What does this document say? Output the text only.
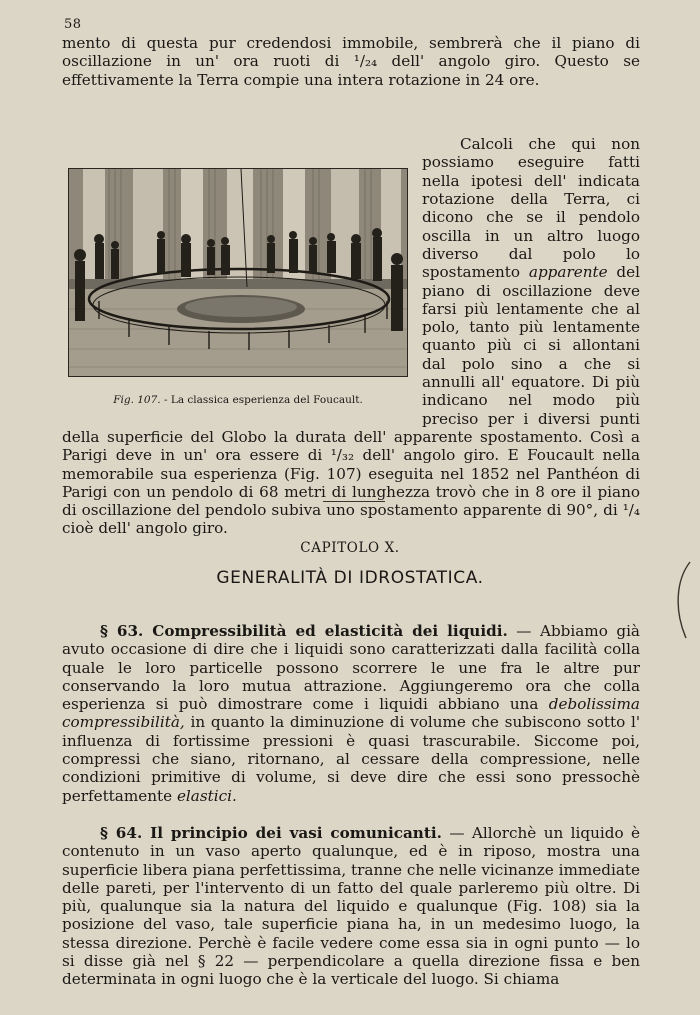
58

mento di questa pur credendosi immobile, sembrerà che il piano di oscillazione in un' ora ruoti di ¹/₂₄ dell' angolo giro. Questo se effettivamente la Terra compie una intera rotazione in 24 ore.

Fig. 107. - La classica esperienza del Foucault.

Calcoli che qui non possiamo eseguire fatti nella ipotesi dell' indicata rotazione della Terra, ci dicono che se il pendolo oscilla in un altro luogo diverso dal polo lo spostamento apparente del piano di oscillazione deve farsi più lentamente che al polo, tanto più lentamente quanto più ci si allontani dal polo sino a che si annulli all' equatore. Di più indicano nel modo più preciso per i diversi punti della superficie del Globo la durata dell' apparente spostamento. Così a Parigi deve in un' ora essere di ¹/₃₂ dell' angolo giro. E Foucault nella memorabile sua esperienza (Fig. 107) eseguita nel 1852 nel Panthéon di Parigi con un pendolo di 68 metri di lunghezza trovò che in 8 ore il piano di oscillazione del pendolo subiva uno spostamento apparente di 90°, di ¹/₄ cioè dell' angolo giro.

CAPITOLO X.
GENERALITÀ DI IDROSTATICA.

§ 63. Compressibilità ed elasticità dei liquidi. — Abbiamo già avuto occasione di dire che i liquidi sono caratterizzati dalla facilità colla quale le loro particelle possono scorrere le une fra le altre pur conservando la loro mutua attrazione. Aggiungeremo ora che colla esperienza si può dimostrare come i liquidi abbiano una debolissima compressibilità, in quanto la diminuzione di volume che subiscono sotto l' influenza di fortissime pressioni è quasi trascurabile. Siccome poi, compressi che siano, ritornano, al cessare della compressione, nelle condizioni primitive di volume, si deve dire che essi sono pressochè perfettamente elastici.

§ 64. Il principio dei vasi comunicanti. — Allorchè un liquido è contenuto in un vaso aperto qualunque, ed è in riposo, mostra una superficie libera piana perfettissima, tranne che nelle vicinanze immediate delle pareti, per l'intervento di un fatto del quale parleremo più oltre. Di più, qualunque sia la natura del liquido e qualunque (Fig. 108) sia la posizione del vaso, tale superficie piana ha, in un medesimo luogo, la stessa direzione. Perchè è facile vedere come essa sia in ogni punto — lo si disse già nel § 22 — perpendicolare a quella direzione fissa e ben determinata in ogni luogo che è la verticale del luogo. Si chiama
